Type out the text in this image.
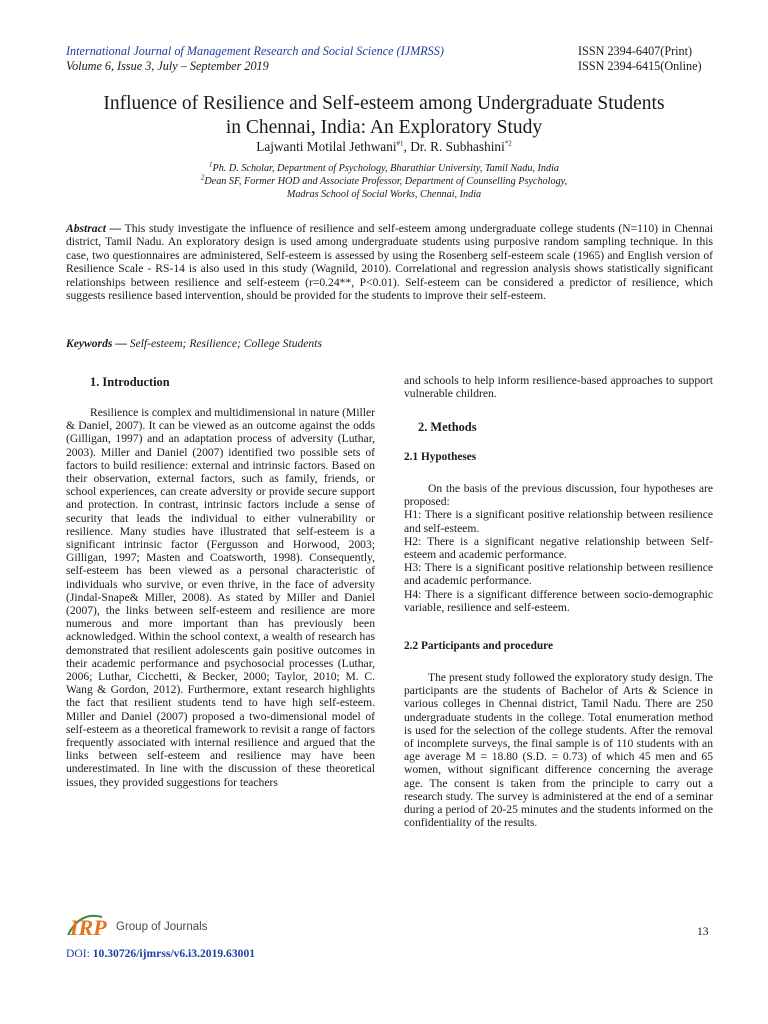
International Journal of Management Research and Social Science (IJMRSS)
Volume 6, Issue 3, July – September 2019
ISSN 2394-6407(Print)
ISSN 2394-6415(Online)
Influence of Resilience and Self-esteem among Undergraduate Students
in Chennai, India: An Exploratory Study
Lajwanti Motilal Jethwani$^{\#1}$, Dr. R. Subhashini$^{*2}$
$^1$Ph. D. Scholar, Department of Psychology, Bharathiar University, Tamil Nadu, India
$^2$Dean SF, Former HOD and Associate Professor, Department of Counselling Psychology,
Madras School of Social Works, Chennai, India
Abstract — This study investigate the influence of resilience and self-esteem among undergraduate college students (N=110) in Chennai district, Tamil Nadu. An exploratory design is used among undergraduate students using purposive random sampling technique. In this case, two questionnaires are administered, Self-esteem is assessed by using the Rosenberg self-esteem scale (1965) and English version of Resilience Scale - RS-14 is also used in this study (Wagnild, 2010). Correlational and regression analysis shows statistically significant relationships between resilience and self-esteem (r=0.24**, P<0.01). Self-esteem can be considered a predictor of resilience, which suggests resilience based intervention, should be provided for the students to improve their self-esteem.
Keywords — Self-esteem; Resilience; College Students
1. Introduction

Resilience is complex and multidimensional in nature (Miller & Daniel, 2007). It can be viewed as an outcome against the odds (Gilligan, 1997) and an adaptation process of adversity (Luthar, 2003). Miller and Daniel (2007) identified two possible sets of factors to build resilience: external and intrinsic factors. Based on their observation, external factors, such as family, friends, or school experiences, can create adversity or provide secure support and protection. In contrast, intrinsic factors include a sense of security that leads the individual to either vulnerability or resilience. Many studies have illustrated that self-esteem is a significant intrinsic factor (Fergusson and Horwood, 2003; Gilligan, 1997; Masten and Coatsworth, 1998). Consequently, self-esteem has been viewed as a personal characteristic of individuals who survive, or even thrive, in the face of adversity (Jindal-Snape& Miller, 2008). As stated by Miller and Daniel (2007), the links between self-esteem and resilience are more numerous and more important than has previously been acknowledged. Within the school context, a wealth of research has demonstrated that resilient adolescents gain positive outcomes in their academic performance and psychosocial processes (Luthar, 2006; Luthar, Cicchetti, & Becker, 2000; Taylor, 2010; M. C. Wang & Gordon, 2012). Furthermore, extant research highlights the fact that resilient students tend to have high self-esteem. Miller and Daniel (2007) proposed a two-dimensional model of self-esteem as a theoretical framework to revisit a range of factors frequently associated with internal resilience and argued that the links between self-esteem and resilience may have been underestimated. In line with the discussion of these theoretical issues, they provided suggestions for teachers

and schools to help inform resilience-based approaches to support vulnerable children.

2. Methods
2.1 Hypotheses

On the basis of the previous discussion, four hypotheses are proposed:

H1: There is a significant positive relationship between resilience and self-esteem.

H2: There is a significant negative relationship between Self-esteem and academic performance.

H3: There is a significant positive relationship between resilience and academic performance.

H4: There is a significant difference between socio-demographic variable, resilience and self-esteem.

2.2 Participants and procedure

The present study followed the exploratory study design. The participants are the students of Bachelor of Arts & Science in various colleges in Chennai district, Tamil Nadu. There are 250 undergraduate students in the college. Total enumeration method is used for the selection of the college students. After the removal of incomplete surveys, the final sample is of 110 students with an age average M = 18.80 (S.D. = 0.73) of which 45 men and 65 women, without significant difference concerning the average age. The consent is taken from the principle to carry out a research study. The survey is administered at the end of a seminar during a period of 20-25 minutes and the students informed on the confidentiality of the results.

IRP Group of Journals
DOI: 10.30726/ijmrss/v6.i3.2019.63001
13
